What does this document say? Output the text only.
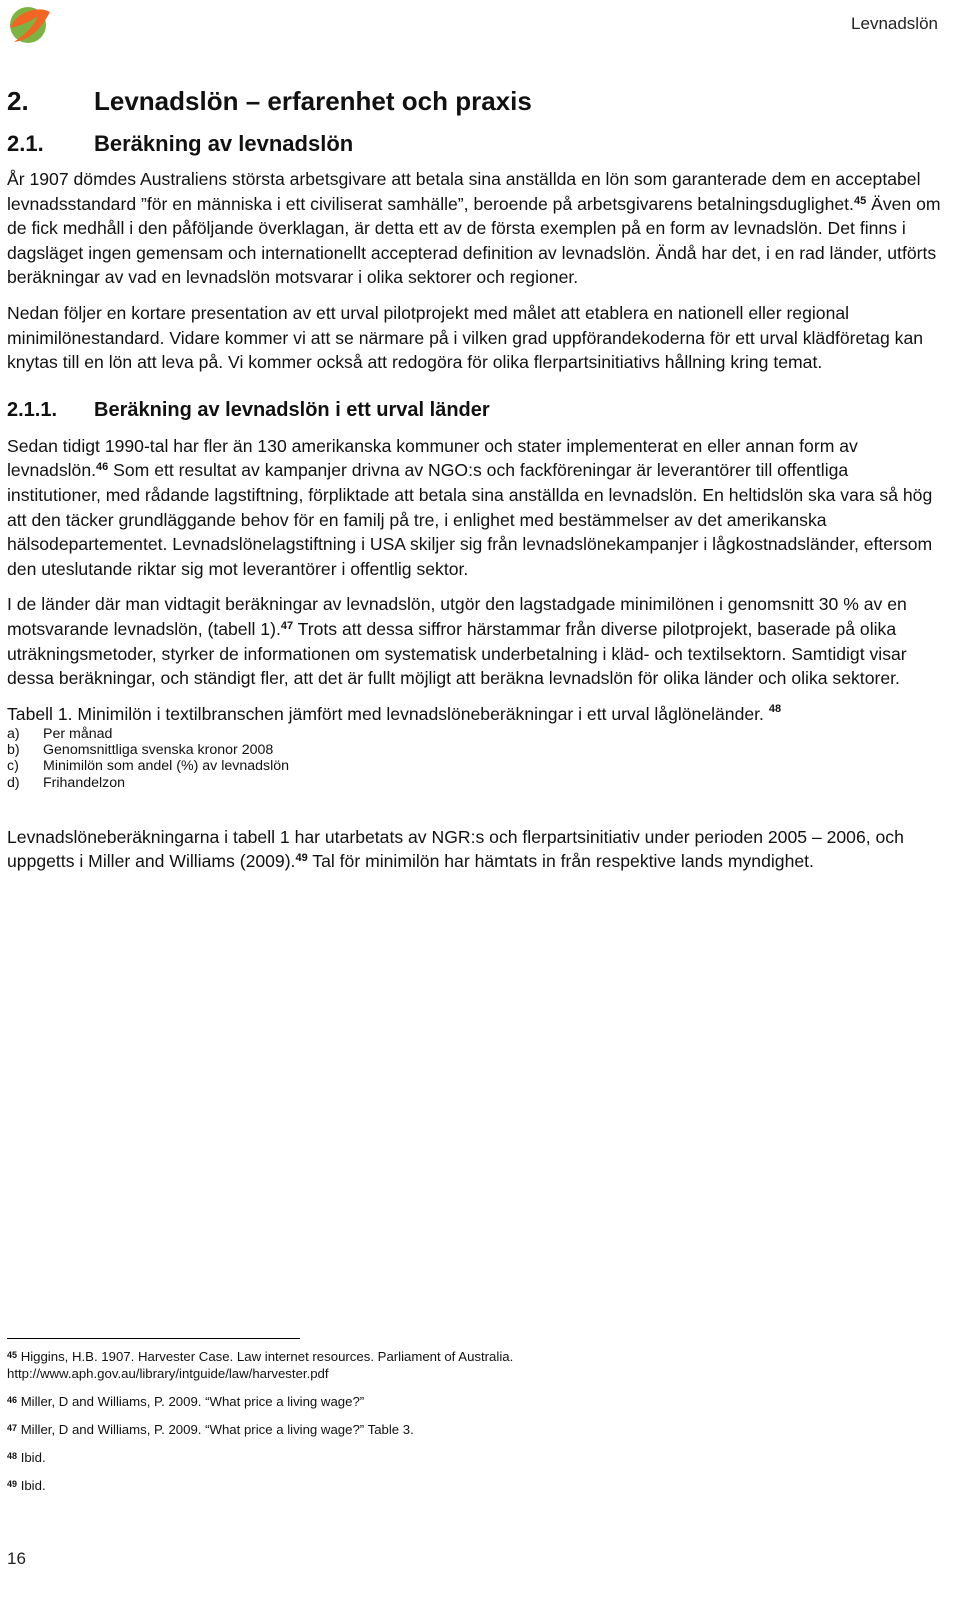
Levnadslön
2.	Levnadslön – erfarenhet och praxis
2.1.	Beräkning av levnadslön

År 1907 dömdes Australiens största arbetsgivare att betala sina anställda en lön som garanterade dem en acceptabel levnadsstandard ”för en människa i ett civiliserat samhälle”, beroende på arbetsgivarens betalningsduglighet.$^{45}$ Även om de fick medhåll i den påföljande överklagan, är detta ett av de första exemplen på en form av levnadslön. Det finns i dagsläget ingen gemensam och internationellt accepterad definition av levnadslön. Ändå har det, i en rad länder, utförts beräkningar av vad en levnadslön motsvarar i olika sektorer och regioner.

Nedan följer en kortare presentation av ett urval pilotprojekt med målet att etablera en nationell eller regional minimilönestandard. Vidare kommer vi att se närmare på i vilken grad uppförandekoderna för ett urval klädföretag kan knytas till en lön att leva på. Vi kommer också att redogöra för olika flerpartsinitiativs hållning kring temat.

2.1.1.	Beräkning av levnadslön i ett urval länder

Sedan tidigt 1990-tal har fler än 130 amerikanska kommuner och stater implementerat en eller annan form av levnadslön.$^{46}$ Som ett resultat av kampanjer drivna av NGO:s och fackföreningar är leverantörer till offentliga institutioner, med rådande lagstiftning, förpliktade att betala sina anställda en levnadslön. En heltidslön ska vara så hög att den täcker grundläggande behov för en familj på tre, i enlighet med bestämmelser av det amerikanska hälsodepartementet. Levnadslönelagstiftning i USA skiljer sig från levnadslönekampanjer i lågkostnadsländer, eftersom den uteslutande riktar sig mot leverantörer i offentlig sektor.

I de länder där man vidtagit beräkningar av levnadslön, utgör den lagstadgade minimilönen i genomsnitt 30 % av en motsvarande levnadslön, (tabell 1).$^{47}$ Trots att dessa siffror härstammar från diverse pilotprojekt, baserade på olika uträkningsmetoder, styrker de informationen om systematisk underbetalning i kläd- och textilsektorn. Samtidigt visar dessa beräkningar, och ständigt fler, att det är fullt möjligt att beräkna levnadslön för olika länder och olika sektorer.

Tabell 1. Minimilön i textilbranschen jämfört med levnadslöneberäkningar i ett urval låglöneländer. $^{48}$
a)	Per månad
b)	Genomsnittliga svenska kronor 2008
c)	Minimilön som andel (%) av levnadslön
d)	Frihandelzon

Levnadslöneberäkningarna i tabell 1 har utarbetats av NGR:s och flerpartsinitiativ under perioden 2005 – 2006, och uppgetts i Miller and Williams (2009).$^{49}$ Tal för minimilön har hämtats in från respektive lands myndighet.

$^{45}$ Higgins, H.B. 1907. Harvester Case. Law internet resources. Parliament of Australia.
http://www.aph.gov.au/library/intguide/law/harvester.pdf
$^{46}$ Miller, D and Williams, P. 2009. “What price a living wage?”
$^{47}$ Miller, D and Williams, P. 2009. “What price a living wage?” Table 3.
$^{48}$ Ibid.
$^{49}$ Ibid.
16
